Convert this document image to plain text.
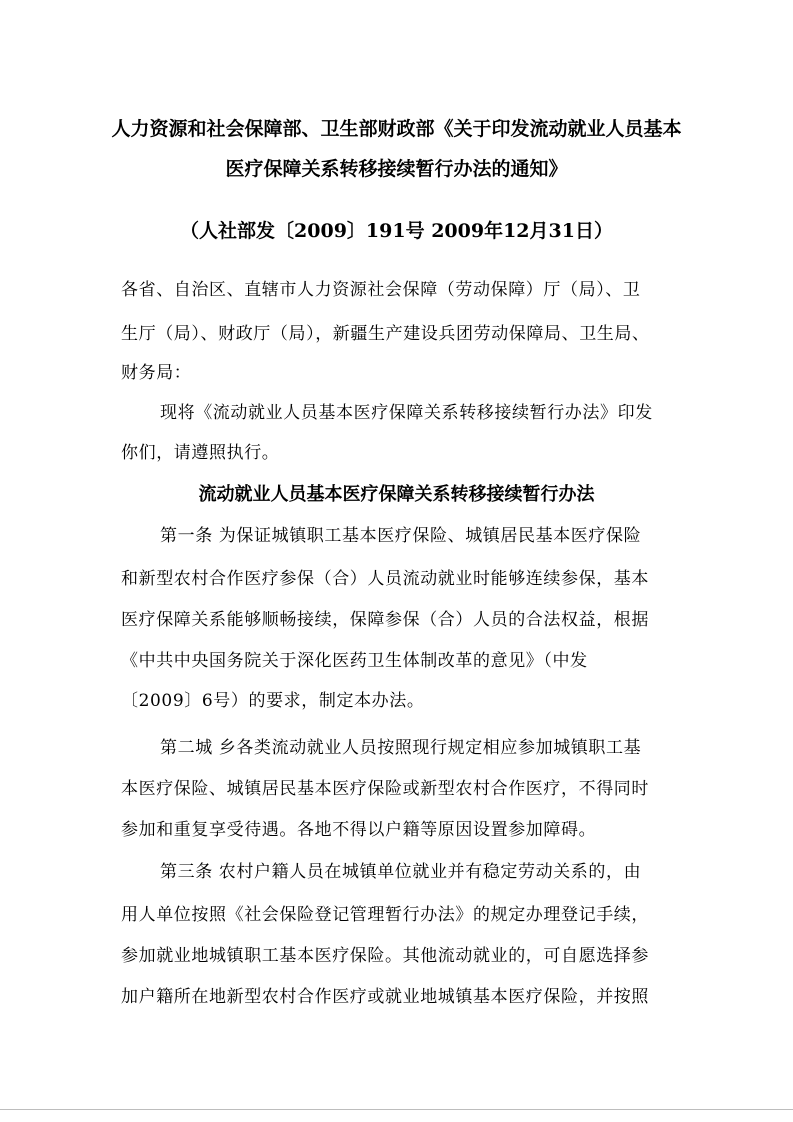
人力资源和社会保障部、卫生部财政部《关于印发流动就业人员基本
医疗保障关系转移接续暂行办法的通知》
（人社部发〔2009〕191号 2009年12月31日）
各省、自治区、直辖市人力资源社会保障（劳动保障）厅（局）、卫
生厅（局）、财政厅（局），新疆生产建设兵团劳动保障局、卫生局、
财务局：
现将《流动就业人员基本医疗保障关系转移接续暂行办法》印发
你们，请遵照执行。
流动就业人员基本医疗保障关系转移接续暂行办法
第一条 为保证城镇职工基本医疗保险、城镇居民基本医疗保险
和新型农村合作医疗参保（合）人员流动就业时能够连续参保，基本
医疗保障关系能够顺畅接续，保障参保（合）人员的合法权益，根据
《中共中央国务院关于深化医药卫生体制改革的意见》（中发
〔2009〕6号）的要求，制定本办法。
第二城 乡各类流动就业人员按照现行规定相应参加城镇职工基
本医疗保险、城镇居民基本医疗保险或新型农村合作医疗，不得同时
参加和重复享受待遇。各地不得以户籍等原因设置参加障碍。
第三条 农村户籍人员在城镇单位就业并有稳定劳动关系的，由
用人单位按照《社会保险登记管理暂行办法》的规定办理登记手续，
参加就业地城镇职工基本医疗保险。其他流动就业的，可自愿选择参
加户籍所在地新型农村合作医疗或就业地城镇基本医疗保险，并按照
